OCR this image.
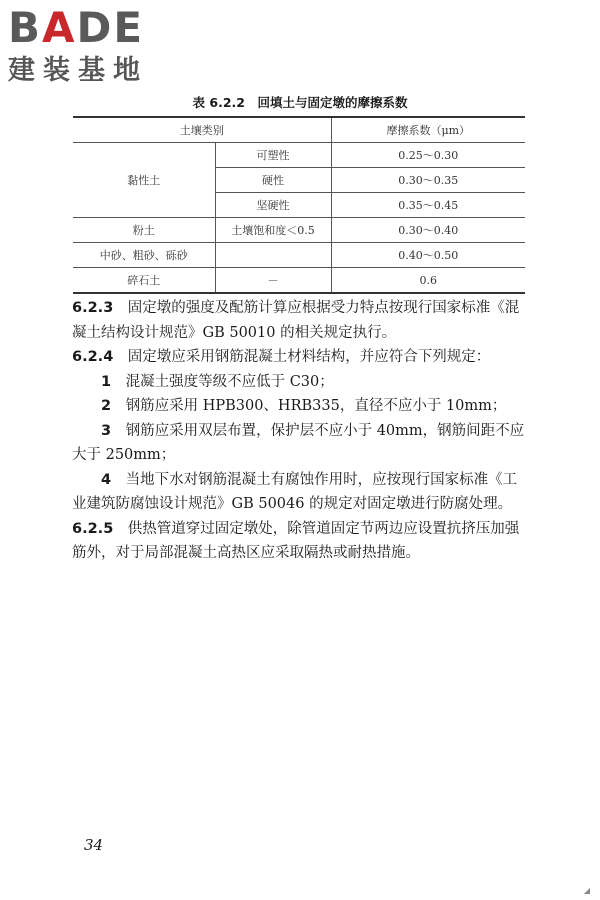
BADE
建装基地
表 6.2.2　回填土与固定墩的摩擦系数
土壤类别		摩擦系数（μm）
黏性土	可塑性	0.25～0.30
	硬性	0.30～0.35
	坚硬性	0.35～0.45
粉土	土壤饱和度＜0.5	0.30～0.40
中砂、粗砂、砾砂		0.40～0.50
碎石土	－	0.6

6.2.3　固定墩的强度及配筋计算应根据受力特点按现行国家标准《混凝土结构设计规范》GB 50010 的相关规定执行。

6.2.4　固定墩应采用钢筋混凝土材料结构，并应符合下列规定：

1　混凝土强度等级不应低于 C30；

2　钢筋应采用 HPB300、HRB335，直径不应小于 10mm；

3　钢筋应采用双层布置，保护层不应小于 40mm，钢筋间距不应大于 250mm；

4　当地下水对钢筋混凝土有腐蚀作用时，应按现行国家标准《工业建筑防腐蚀设计规范》GB 50046 的规定对固定墩进行防腐处理。

6.2.5　供热管道穿过固定墩处，除管道固定节两边应设置抗挤压加强筋外，对于局部混凝土高热区应采取隔热或耐热措施。

34
◢
